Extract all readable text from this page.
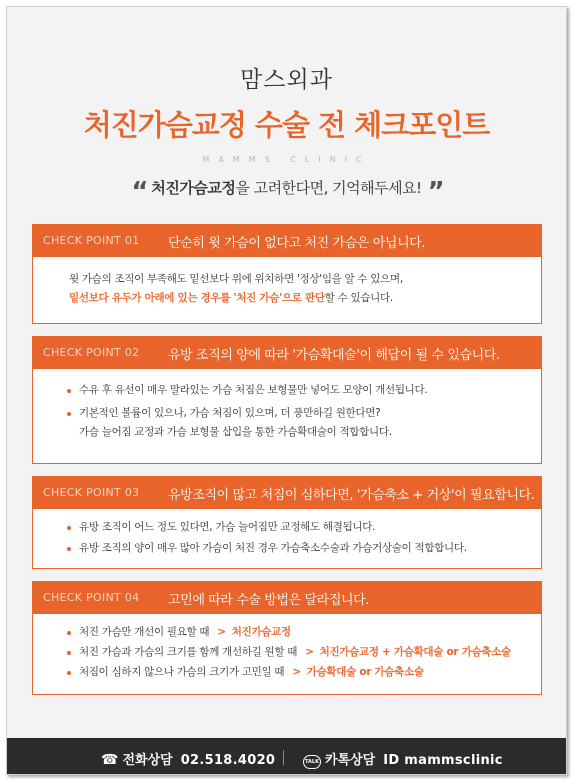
맘스외과
처진가슴교정 수술 전 체크포인트
MAMMS CLINIC
“ 처진가슴교정을 고려한다면, 기억해두세요! ”
CHECK POINT 01 단순히 윗 가슴이 없다고 처진 가슴은 아닙니다.
윗 가슴의 조직이 부족해도 밑선보다 위에 위치하면 '정상'임을 알 수 있으며,
밑선보다 유두가 아래에 있는 경우를 '처진 가슴'으로 판단할 수 있습니다.
CHECK POINT 02 유방 조직의 양에 따라 '가슴확대술'이 해답이 될 수 있습니다.
수유 후 유선이 매우 말라있는 가슴 처짐은 보형물만 넣어도 모양이 개선됩니다.
기본적인 볼륨이 있으나, 가슴 처짐이 있으며, 더 풍만하길 원한다면?
가슴 늘어짐 교정과 가슴 보형물 삽입을 통한 가슴확대술이 적합합니다.
CHECK POINT 03 유방조직이 많고 처짐이 심하다면, '가슴축소 + 거상'이 필요합니다.
유방 조직이 어느 정도 있다면, 가슴 늘어짐만 교정해도 해결됩니다.
유방 조직의 양이 매우 많아 가슴이 처진 경우 가슴축소수술과 가슴거상술이 적합합니다.
CHECK POINT 04 고민에 따라 수술 방법은 달라집니다.
처진 가슴만 개선이 필요할 때 > 처진가슴교정
처진 가슴과 가슴의 크기를 함께 개선하길 원할 때 > 처진가슴교정 + 가슴확대술 or 가슴축소술
처짐이 심하지 않으나 가슴의 크기가 고민일 때 > 가슴확대술 or 가슴축소술
☎ 전화상담 02.518.4020	TALK 카톡상담 ID mammsclinic
